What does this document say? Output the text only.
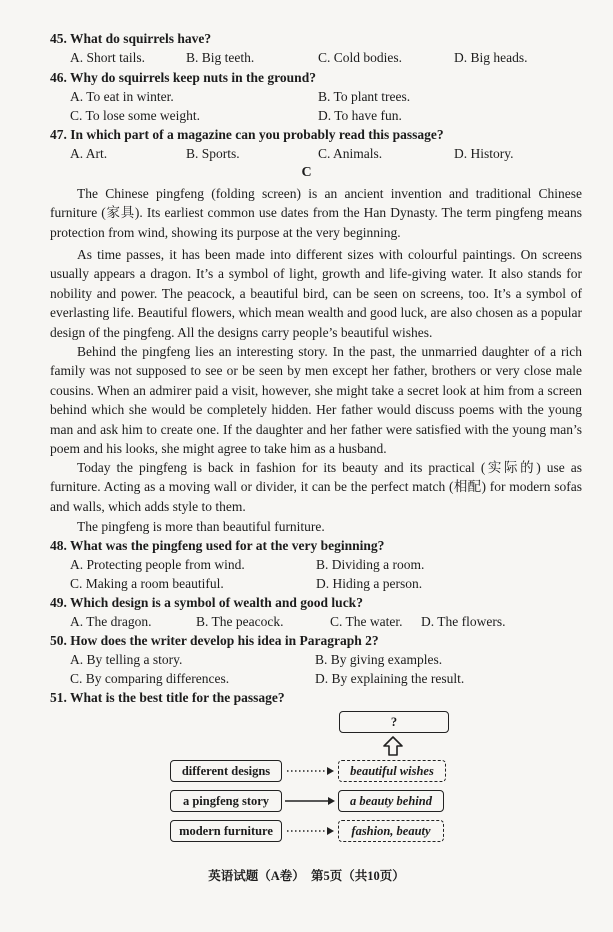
45. What do squirrels have?
A. Short tails.	B. Big teeth.	C. Cold bodies.	D. Big heads.
46. Why do squirrels keep nuts in the ground?
A. To eat in winter.	B. To plant trees.
C. To lose some weight.	D. To have fun.
47. In which part of a magazine can you probably read this passage?
A. Art.	B. Sports.	C. Animals.	D. History.
C

The Chinese pingfeng (folding screen) is an ancient invention and traditional Chinese furniture (家具). Its earliest common use dates from the Han Dynasty. The term pingfeng means protection from wind, showing its purpose at the very beginning.

As time passes, it has been made into different sizes with colourful paintings. On screens usually appears a dragon. It’s a symbol of light, growth and life-giving water. It also stands for nobility and power. The peacock, a beautiful bird, can be seen on screens, too. It’s a symbol of everlasting life. Beautiful flowers, which mean wealth and good luck, are also chosen as a popular design of the pingfeng. All the designs carry people’s beautiful wishes.

Behind the pingfeng lies an interesting story. In the past, the unmarried daughter of a rich family was not supposed to see or be seen by men except her father, brothers or very close male cousins. When an admirer paid a visit, however, she might take a secret look at him from a screen behind which she would be completely hidden. Her father would discuss poems with the young man and ask him to create one. If the daughter and her father were satisfied with the young man’s poem and his looks, she might agree to take him as a husband.

Today the pingfeng is back in fashion for its beauty and its practical (实际的) use as furniture. Acting as a moving wall or divider, it can be the perfect match (相配) for modern sofas and walls, which adds style to them.

The pingfeng is more than beautiful furniture.

48. What was the pingfeng used for at the very beginning?
A. Protecting people from wind.	B. Dividing a room.
C. Making a room beautiful.	D. Hiding a person.
49. Which design is a symbol of wealth and good luck?
A. The dragon.	B. The peacock.	C. The water. D. The flowers.
50. How does the writer develop his idea in Paragraph 2?
A. By telling a story.	B. By giving examples.
C. By comparing differences.	D. By explaining the result.
51. What is the best title for the passage?
?
different designs	beautiful wishes
a pingfeng story	a beauty behind
modern furniture	fashion, beauty
英语试题（A卷）　第5页（共10页）
